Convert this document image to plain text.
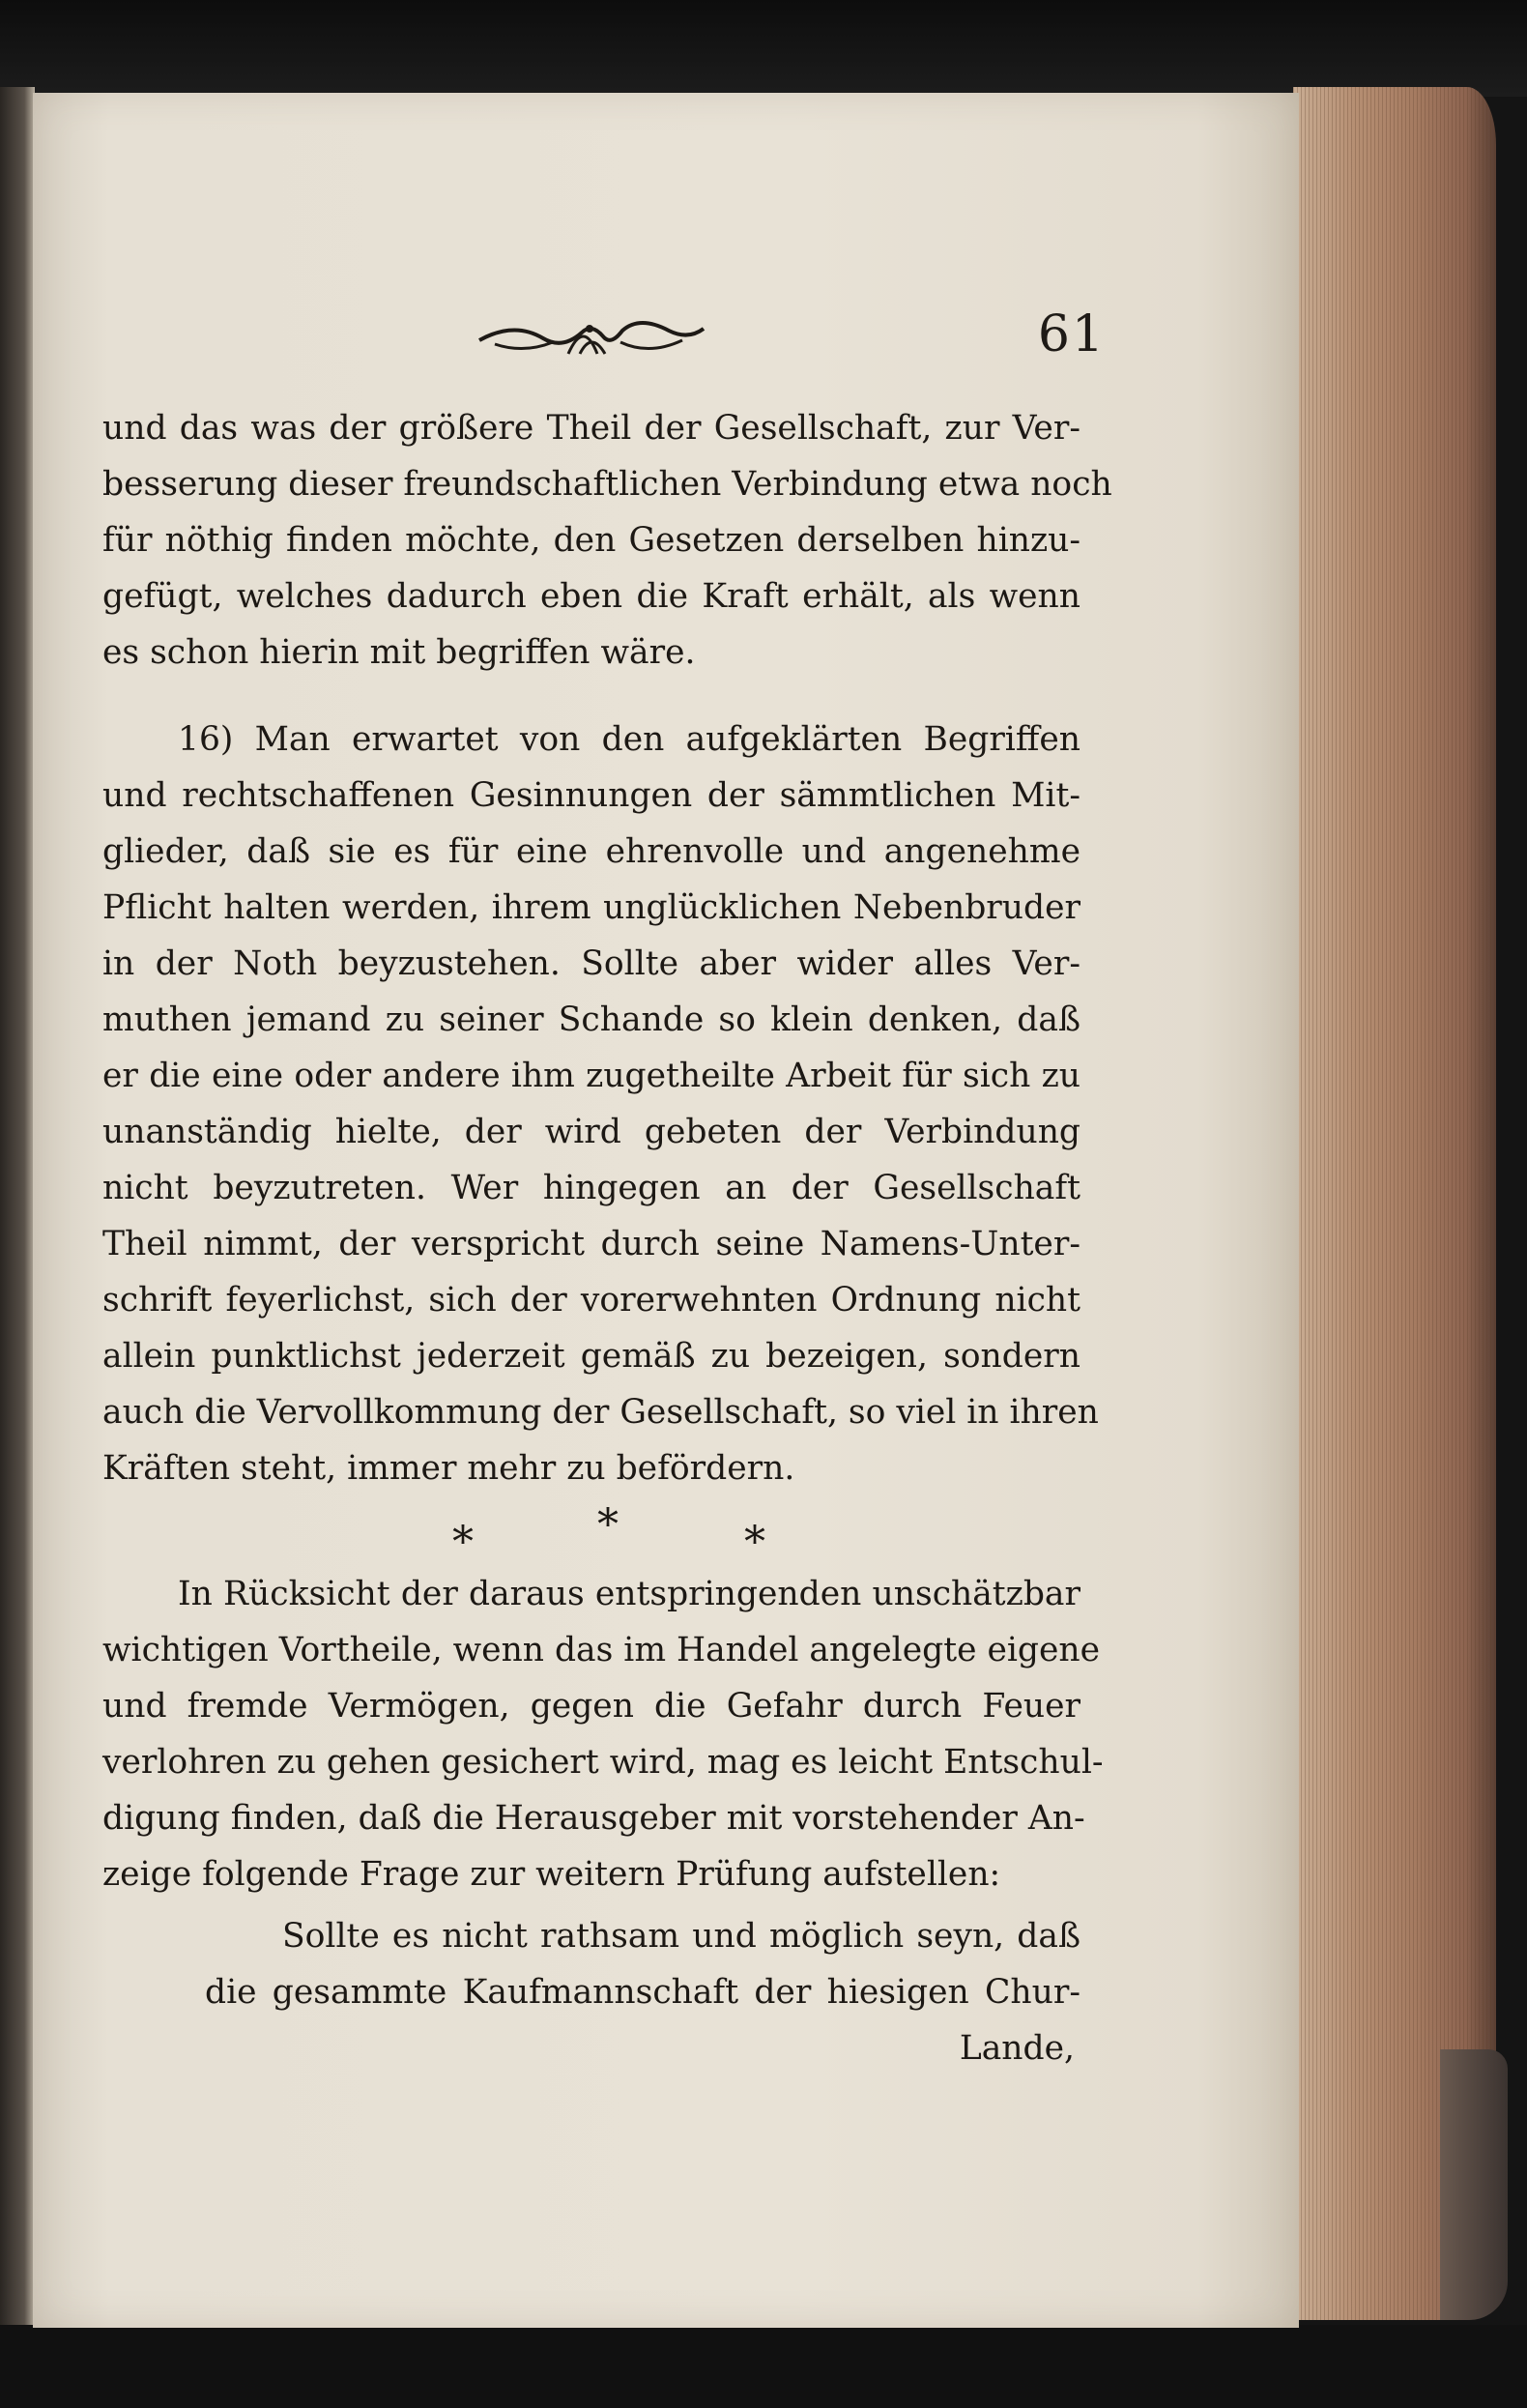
61
und das was der größere Theil der Gesellschaft, zur Ver-
besserung dieser freundschaftlichen Verbindung etwa noch
für nöthig finden möchte, den Gesetzen derselben hinzu-
gefügt, welches dadurch eben die Kraft erhält, als wenn
es schon hierin mit begriffen wäre.
16) Man erwartet von den aufgeklärten Begriffen
und rechtschaffenen Gesinnungen der sämmtlichen Mit-
glieder, daß sie es für eine ehrenvolle und angenehme
Pflicht halten werden, ihrem unglücklichen Nebenbruder
in der Noth beyzustehen. Sollte aber wider alles Ver-
muthen jemand zu seiner Schande so klein denken, daß
er die eine oder andere ihm zugetheilte Arbeit für sich zu
unanständig hielte, der wird gebeten der Verbindung
nicht beyzutreten. Wer hingegen an der Gesellschaft
Theil nimmt, der verspricht durch seine Namens-Unter-
schrift feyerlichst, sich der vorerwehnten Ordnung nicht
allein punktlichst jederzeit gemäß zu bezeigen, sondern
auch die Vervollkommung der Gesellschaft, so viel in ihren
Kräften steht, immer mehr zu befördern.
*	*	*
In Rücksicht der daraus entspringenden unschätzbar
wichtigen Vortheile, wenn das im Handel angelegte eigene
und fremde Vermögen, gegen die Gefahr durch Feuer
verlohren zu gehen gesichert wird, mag es leicht Entschul-
digung finden, daß die Herausgeber mit vorstehender An-
zeige folgende Frage zur weitern Prüfung aufstellen:
Sollte es nicht rathsam und möglich seyn, daß
die gesammte Kaufmannschaft der hiesigen Chur-
Lande,
